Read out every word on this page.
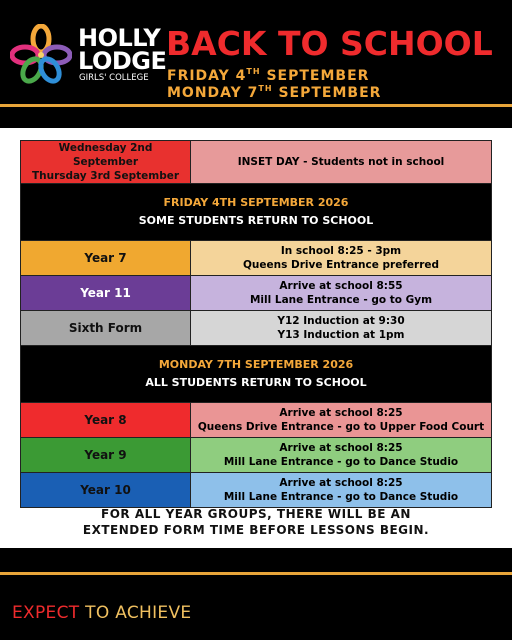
HOLLY
LODGE
GIRLS' COLLEGE
BACK TO SCHOOL
FRIDAY 4TH SEPTEMBER
MONDAY 7TH SEPTEMBER
Wednesday 2nd September
Thursday 3rd September	INSET DAY - Students not in school

FRIDAY 4TH SEPTEMBER 2026
SOME STUDENTS RETURN TO SCHOOL	

Year 7	In school 8:25 - 3pm
Queens Drive Entrance preferred

Year 11	Arrive at school 8:55
Mill Lane Entrance - go to Gym

Sixth Form	Y12 Induction at 9:30
Y13 Induction at 1pm

MONDAY 7TH SEPTEMBER 2026
ALL STUDENTS RETURN TO SCHOOL	

Year 8	Arrive at school 8:25
Queens Drive Entrance - go to Upper Food Court

Year 9	Arrive at school 8:25
Mill Lane Entrance - go to Dance Studio

Year 10	Arrive at school 8:25
Mill Lane Entrance - go to Dance Studio
FOR ALL YEAR GROUPS, THERE WILL BE AN
EXTENDED FORM TIME BEFORE LESSONS BEGIN.
EXPECT TO ACHIEVE
